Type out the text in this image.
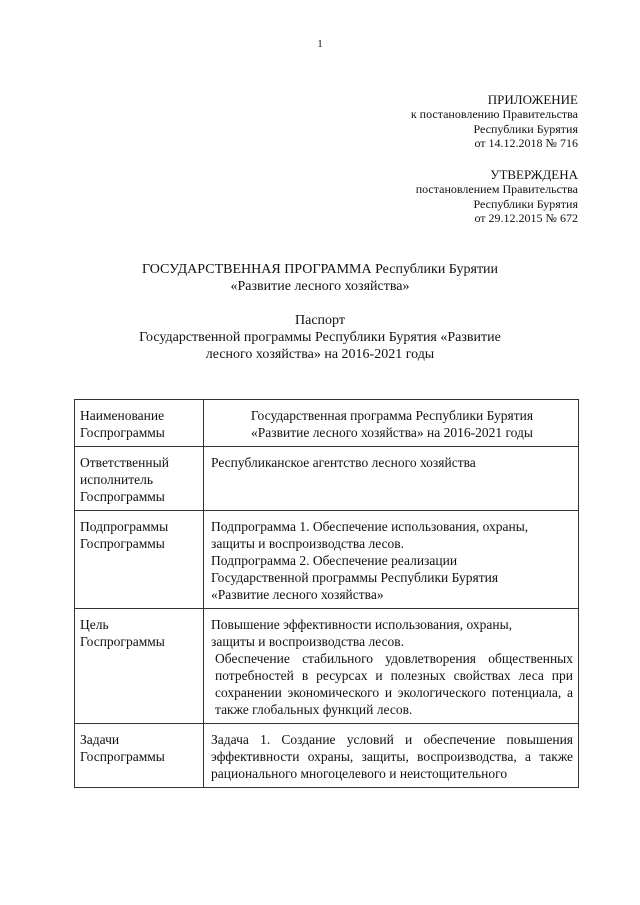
1
ПРИЛОЖЕНИЕ
к постановлению Правительства
Республики Бурятия
от 14.12.2018 № 716
УТВЕРЖДЕНА
постановлением Правительства
Республики Бурятия
от 29.12.2015 № 672
ГОСУДАРСТВЕННАЯ ПРОГРАММА Республики Бурятии
«Развитие лесного хозяйства»
Паспорт
Государственной программы Республики Бурятия «Развитие
лесного хозяйства» на 2016-2021 годы
Наименование
Госпрограммы	Государственная программа Республики Бурятия
«Развитие лесного хозяйства» на 2016-2021 годы

Ответственный
исполнитель
Госпрограммы	Республиканское агентство лесного хозяйства

Подпрограммы
Госпрограммы	Подпрограмма 1. Обеспечение использования, охраны,
защиты и воспроизводства лесов.
Подпрограмма 2. Обеспечение реализации
Государственной программы Республики Бурятия
«Развитие лесного хозяйства»

Цель
Госпрограммы	Повышение эффективности использования, охраны,
защиты и воспроизводства лесов.
Обеспечение стабильного удовлетворения общественных потребностей в ресурсах и полезных свойствах леса при сохранении экономического и экологического потенциала, а также глобальных функций лесов.

Задачи
Госпрограммы	Задача 1. Создание условий и обеспечение повышения эффективности охраны, защиты, воспроизводства, а также рационального многоцелевого и неистощительного
